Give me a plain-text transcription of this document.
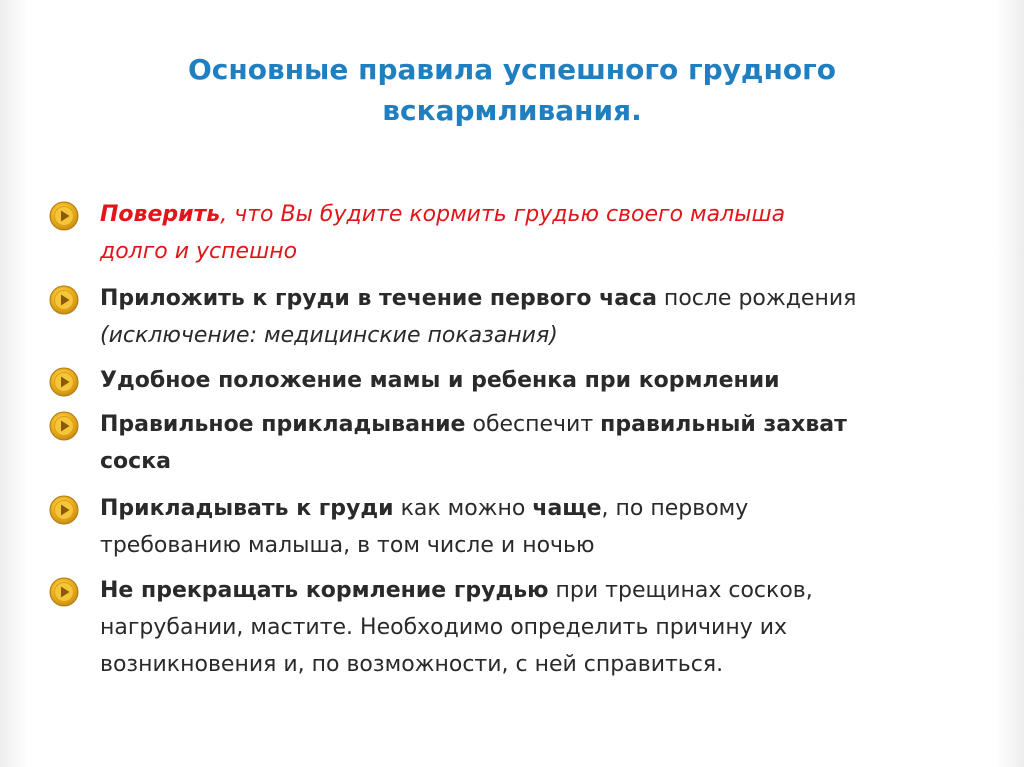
Основные правила успешного грудного
вскармливания.
Поверить, что Вы будите кормить грудью своего малыша
долго и успешно
Приложить к груди в течение первого часа после рождения
(исключение: медицинские показания)
Удобное положение мамы и ребенка при кормлении
Правильное прикладывание обеспечит правильный захват
соска
Прикладывать к груди как можно чаще, по первому
требованию малыша, в том числе и ночью
Не прекращать кормление грудью при трещинах сосков,
нагрубании, мастите. Необходимо определить причину их
возникновения и, по возможности, с ней справиться.
